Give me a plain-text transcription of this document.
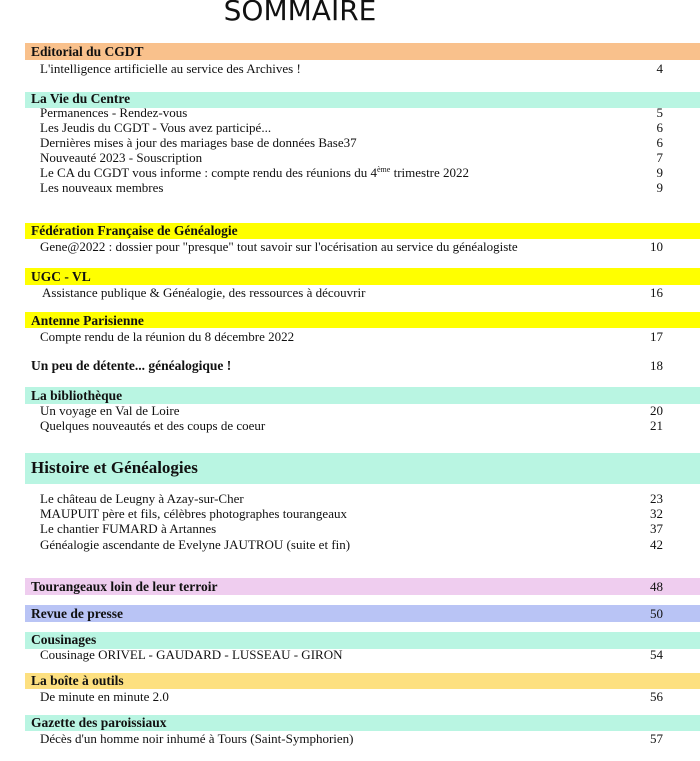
SOMMAIRE
Editorial du CGDT
L'intelligence artificielle au service des Archives !	4
La Vie du Centre
Permanences - Rendez-vous	5
Les Jeudis du CGDT - Vous avez participé...	6
Dernières mises à jour des mariages base de données Base37	6
Nouveauté 2023 - Souscription	7
Le CA du CGDT vous informe : compte rendu des réunions du 4ème trimestre 2022	9
Les nouveaux membres	9
Fédération Française de Généalogie
Gene@2022 : dossier pour "presque" tout savoir sur l'océrisation au service du généalogiste	10
UGC - VL
Assistance publique & Généalogie, des ressources à découvrir	16
Antenne Parisienne
Compte rendu de la réunion du 8 décembre 2022	17
Un peu de détente... généalogique !	18
La bibliothèque
Un voyage en Val de Loire	20
Quelques nouveautés et des coups de coeur	21
Histoire et Généalogies
Le château de Leugny à Azay-sur-Cher	23
MAUPUIT père et fils, célèbres photographes tourangeaux	32
Le chantier FUMARD à Artannes	37
Généalogie ascendante de Evelyne JAUTROU (suite et fin)	42
Tourangeaux loin de leur terroir	48
Revue de presse	50
Cousinages
Cousinage ORIVEL - GAUDARD - LUSSEAU - GIRON	54
La boîte à outils
De minute en minute 2.0	56
Gazette des paroissiaux
Décès d'un homme noir inhumé à Tours (Saint-Symphorien)	57
